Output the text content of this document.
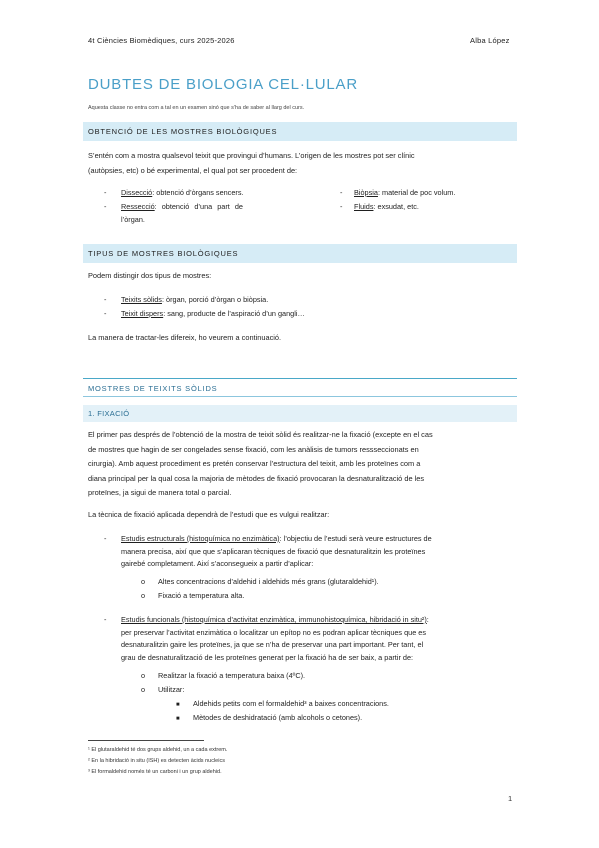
4t Ciències Biomèdiques, curs 2025-2026	Alba López
DUBTES DE BIOLOGIA CEL·LULAR
Aquesta classe no entra com a tal en un examen sinó que s’ha de saber al llarg del curs.
OBTENCIÓ DE LES MOSTRES BIOLÒGIQUES
S’entén com a mostra qualsevol teixit que provingui d’humans. L’origen de les mostres pot ser clínic
(autòpsies, etc) o bé experimental, el qual pot ser procedent de:
- Dissecció: obtenció d’òrgans sencers.
- Ressecció: obtenció d’una part de
l’òrgan.
- Biòpsia: material de poc volum.
- Fluids: exsudat, etc.
TIPUS DE MOSTRES BIOLÒGIQUES
Podem distingir dos tipus de mostres:
- Teixits sòlids: òrgan, porció d’òrgan o biòpsia.
- Teixit dispers: sang, producte de l’aspiració d’un gangli…
La manera de tractar-les difereix, ho veurem a continuació.
MOSTRES DE TEIXITS SÒLIDS
1. FIXACIÓ
El primer pas després de l’obtenció de la mostra de teixit sòlid és realitzar-ne la fixació (excepte en el cas
de mostres que hagin de ser congelades sense fixació, com les anàlisis de tumors ressseccionats en
cirurgia). Amb aquest procediment es pretén conservar l’estructura del teixit, amb les proteïnes com a
diana principal per la qual cosa la majoria de mètodes de fixació provocaran la desnaturalització de les
proteïnes, ja sigui de manera total o parcial.
La tècnica de fixació aplicada dependrà de l’estudi que es vulgui realitzar:
- Estudis estructurals (histoquímica no enzimàtica): l’objectiu de l’estudi serà veure estructures de
manera precisa, així que que s’aplicaran tècniques de fixació que desnaturalitzin les proteïnes
gairebé completament. Així s’aconsegueix a partir d’aplicar:
o Altes concentracions d’aldehid i aldehids més grans (glutaraldehid¹).
o Fixació a temperatura alta.
- Estudis funcionals (histoquímica d’activitat enzimàtica, immunohistoquímica, hibridació in situ²):
per preservar l’activitat enzimàtica o localitzar un epítop no es podran aplicar tècniques que es
desnaturalitzin gaire les proteïnes, ja que se n’ha de preservar una part important. Per tant, el
grau de desnaturalització de les proteïnes generat per la fixació ha de ser baix, a partir de:
o Realitzar la fixació a temperatura baixa (4ºC).
o Utilitzar:
■ Aldehids petits com el formaldehid³ a baixes concentracions.
■ Mètodes de deshidratació (amb alcohols o cetones).
¹ El glutaraldehid té dos grups aldehid, un a cada extrem.
² En la hibridació in situ (ISH) es detecten àcids nucleics
³ El formaldehid només té un carboni i un grup aldehid.
1
